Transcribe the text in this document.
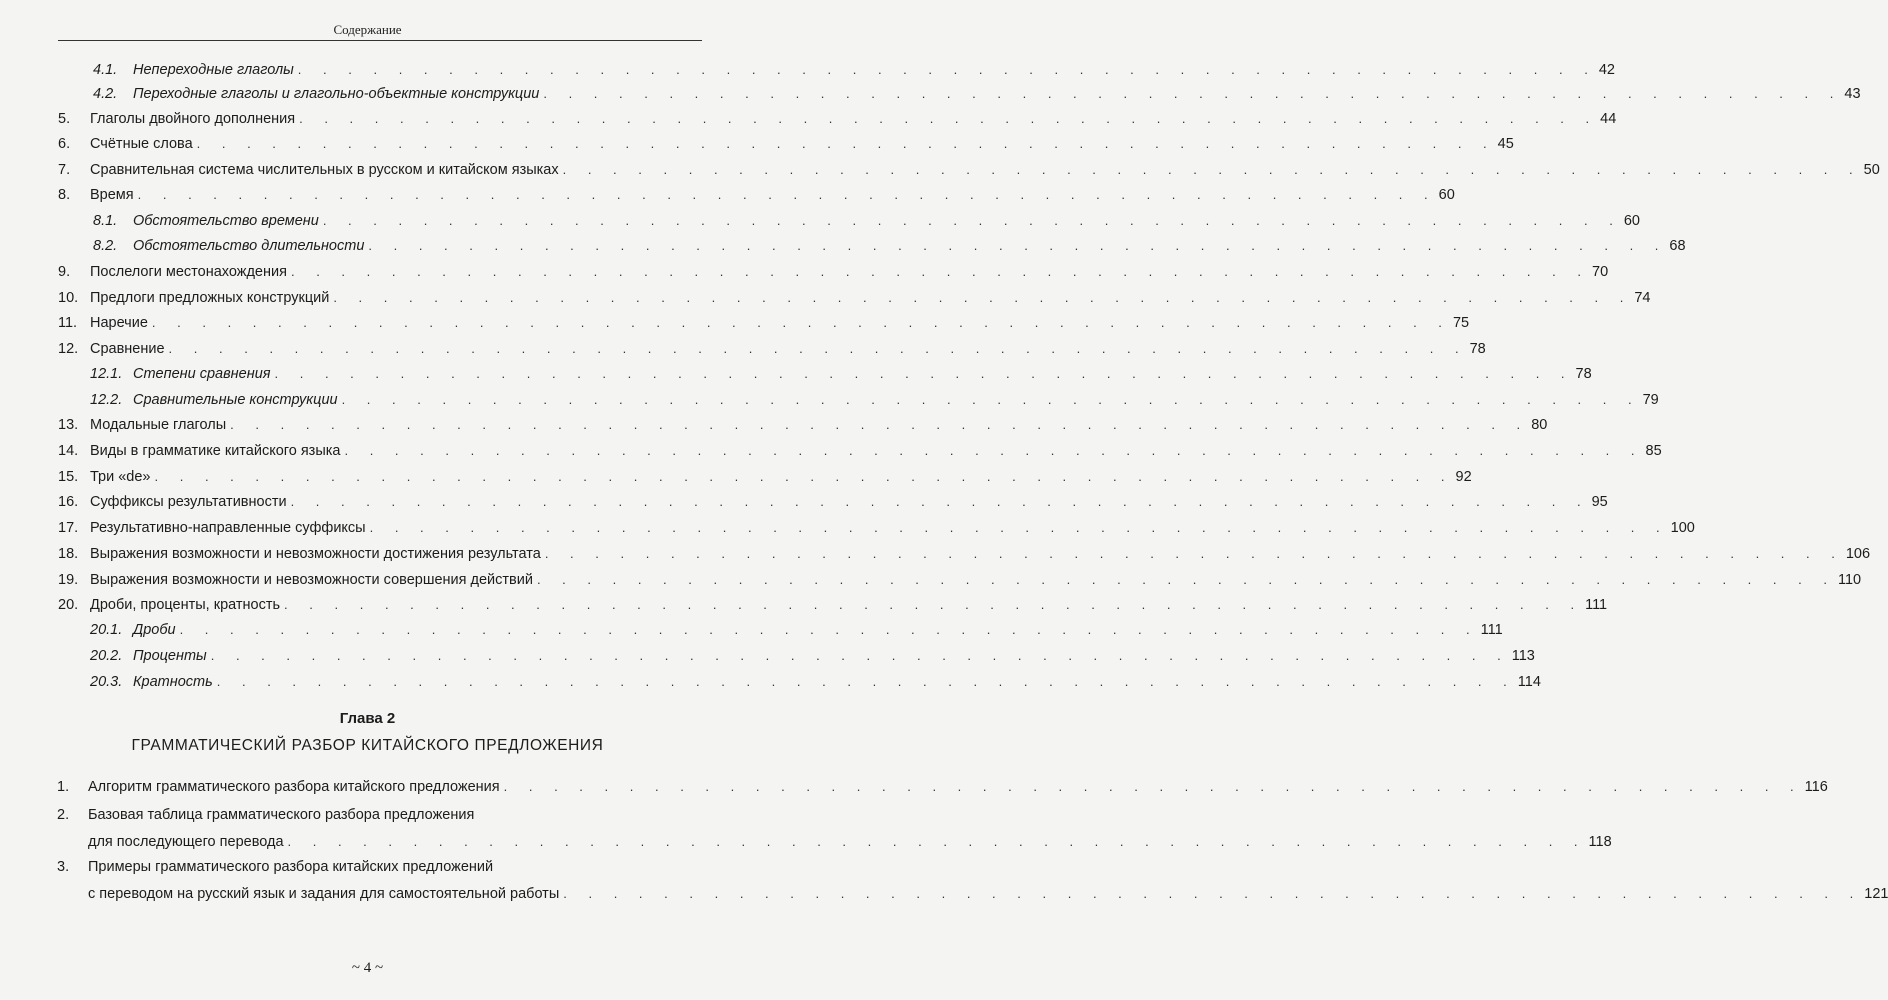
Содержание
4.1. Непереходные глаголы . . . . . . . . . . . . . . . . . . . . . . . . . . . . . . . . . . . . . . . . . . . . . . . . . . . . 42
4.2. Переходные глаголы и глагольно-объектные конструкции . . . . . . . . . . . . . . . . . . . . . . . . . . . . . . . . . . . . . . . . . . . . . . . . . . . . 43
5. Глаголы двойного дополнения . . . . . . . . . . . . . . . . . . . . . . . . . . . . . . . . . . . . . . . . . . . . . . . . . . . . 44
6. Счётные слова . . . . . . . . . . . . . . . . . . . . . . . . . . . . . . . . . . . . . . . . . . . . . . . . . . . . 45
7. Сравнительная система числительных в русском и китайском языках . . . . . . . . . . . . . . . . . . . . . . . . . . . . . . . . . . . . . . . . . . . . . . . . . . . . 50
8. Время . . . . . . . . . . . . . . . . . . . . . . . . . . . . . . . . . . . . . . . . . . . . . . . . . . . . 60
8.1. Обстоятельство времени . . . . . . . . . . . . . . . . . . . . . . . . . . . . . . . . . . . . . . . . . . . . . . . . . . . . 60
8.2. Обстоятельство длительности . . . . . . . . . . . . . . . . . . . . . . . . . . . . . . . . . . . . . . . . . . . . . . . . . . . . 68
9. Послелоги местонахождения . . . . . . . . . . . . . . . . . . . . . . . . . . . . . . . . . . . . . . . . . . . . . . . . . . . . 70
10. Предлоги предложных конструкций . . . . . . . . . . . . . . . . . . . . . . . . . . . . . . . . . . . . . . . . . . . . . . . . . . . . 74
11. Наречие . . . . . . . . . . . . . . . . . . . . . . . . . . . . . . . . . . . . . . . . . . . . . . . . . . . . 75
12. Сравнение . . . . . . . . . . . . . . . . . . . . . . . . . . . . . . . . . . . . . . . . . . . . . . . . . . . . 78
12.1. Степени сравнения . . . . . . . . . . . . . . . . . . . . . . . . . . . . . . . . . . . . . . . . . . . . . . . . . . . . 78
12.2. Сравнительные конструкции . . . . . . . . . . . . . . . . . . . . . . . . . . . . . . . . . . . . . . . . . . . . . . . . . . . . 79
13. Модальные глаголы . . . . . . . . . . . . . . . . . . . . . . . . . . . . . . . . . . . . . . . . . . . . . . . . . . . . 80
14. Виды в грамматике китайского языка . . . . . . . . . . . . . . . . . . . . . . . . . . . . . . . . . . . . . . . . . . . . . . . . . . . . 85
15. Три «de» . . . . . . . . . . . . . . . . . . . . . . . . . . . . . . . . . . . . . . . . . . . . . . . . . . . . 92
16. Суффиксы результативности . . . . . . . . . . . . . . . . . . . . . . . . . . . . . . . . . . . . . . . . . . . . . . . . . . . . 95
17. Результативно-направленные суффиксы . . . . . . . . . . . . . . . . . . . . . . . . . . . . . . . . . . . . . . . . . . . . . . . . . . . . 100
18. Выражения возможности и невозможности достижения результата . . . . . . . . . . . . . . . . . . . . . . . . . . . . . . . . . . . . . . . . . . . . . . . . . . . . 106
19. Выражения возможности и невозможности совершения действий . . . . . . . . . . . . . . . . . . . . . . . . . . . . . . . . . . . . . . . . . . . . . . . . . . . . 110
20. Дроби, проценты, кратность . . . . . . . . . . . . . . . . . . . . . . . . . . . . . . . . . . . . . . . . . . . . . . . . . . . . 111
20.1. Дроби . . . . . . . . . . . . . . . . . . . . . . . . . . . . . . . . . . . . . . . . . . . . . . . . . . . . 111
20.2. Проценты . . . . . . . . . . . . . . . . . . . . . . . . . . . . . . . . . . . . . . . . . . . . . . . . . . . . 113
20.3. Кратность . . . . . . . . . . . . . . . . . . . . . . . . . . . . . . . . . . . . . . . . . . . . . . . . . . . . 114
Глава 2
ГРАММАТИЧЕСКИЙ РАЗБОР КИТАЙСКОГО ПРЕДЛОЖЕНИЯ
1. Алгоритм грамматического разбора китайского предложения . . . . . . . . . . . . . . . . . . . . . . . . . . . . . . . . . . . . . . . . . . . . . . . . . . . . 116
2. Базовая таблица грамматического разбора предложения
для последующего перевода . . . . . . . . . . . . . . . . . . . . . . . . . . . . . . . . . . . . . . . . . . . . . . . . . . . . 118
3. Примеры грамматического разбора китайских предложений
с переводом на русский язык и задания для самостоятельной работы . . . . . . . . . . . . . . . . . . . . . . . . . . . . . . . . . . . . . . . . . . . . . . . . . . . . 121
~ 4 ~
